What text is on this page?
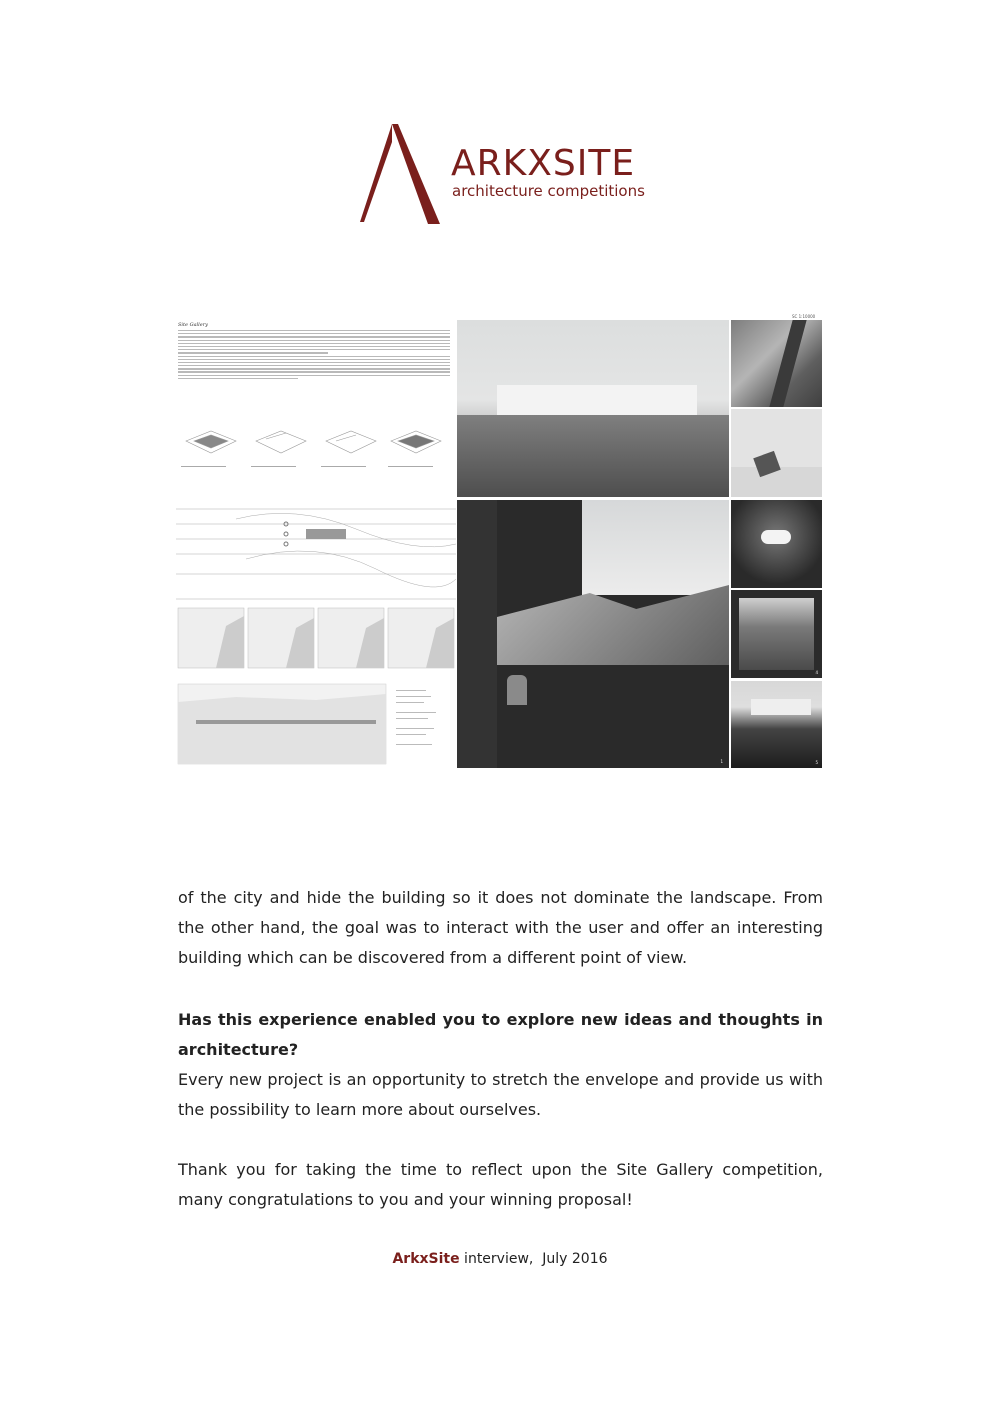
ARKXSITE
architecture competitions
Site Gallery
1
SC 1:10000
4
5

of the city and hide the building so it does not dominate the landscape. From the other hand, the goal was to interact with the user and offer an interesting building which can be discovered from a different point of view.

Has this experience enabled you to explore new ideas and thoughts in architecture?

Every new project is an opportunity to stretch the envelope and provide us with the possibility to learn more about ourselves.

Thank you for taking the time to reflect upon the Site Gallery competition, many congratulations to you and your winning proposal!

ArkxSite interview,  July 2016
